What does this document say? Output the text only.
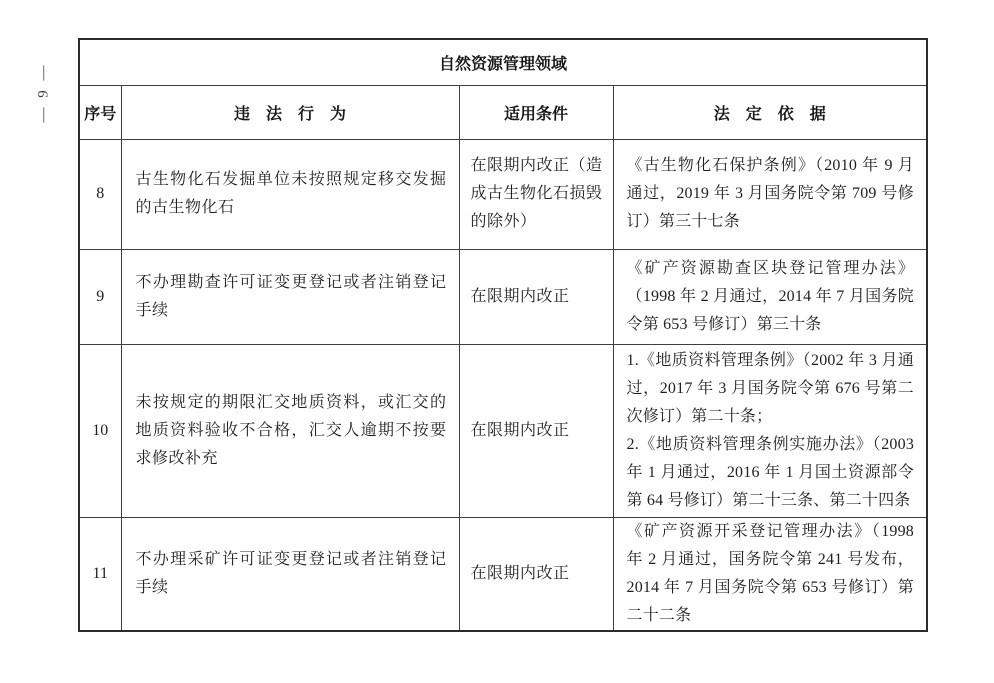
— 9 —	自然资源管理领域			
序号	违法行为	适用条件	法定依据
8	古生物化石发掘单位未按照规定移交发掘的古生物化石	在限期内改正（造成古生物化石损毁的除外）	《古生物化石保护条例》（2010 年 9 月通过，2019 年 3 月国务院令第 709 号修订）第三十七条

9	不办理勘查许可证变更登记或者注销登记手续	在限期内改正	《矿产资源勘查区块登记管理办法》（1998 年 2 月通过，2014 年 7 月国务院令第 653 号修订）第三十条

10	未按规定的期限汇交地质资料，或汇交的地质资料验收不合格，汇交人逾期不按要求修改补充	在限期内改正	1.《地质资料管理条例》（2002 年 3 月通过，2017 年 3 月国务院令第 676 号第二次修订）第二十条；
2.《地质资料管理条例实施办法》（2003 年 1 月通过，2016 年 1 月国土资源部令第 64 号修订）第二十三条、第二十四条

11	不办理采矿许可证变更登记或者注销登记手续	在限期内改正	《矿产资源开采登记管理办法》（1998 年 2 月通过，国务院令第 241 号发布，2014 年 7 月国务院令第 653 号修订）第二十二条
